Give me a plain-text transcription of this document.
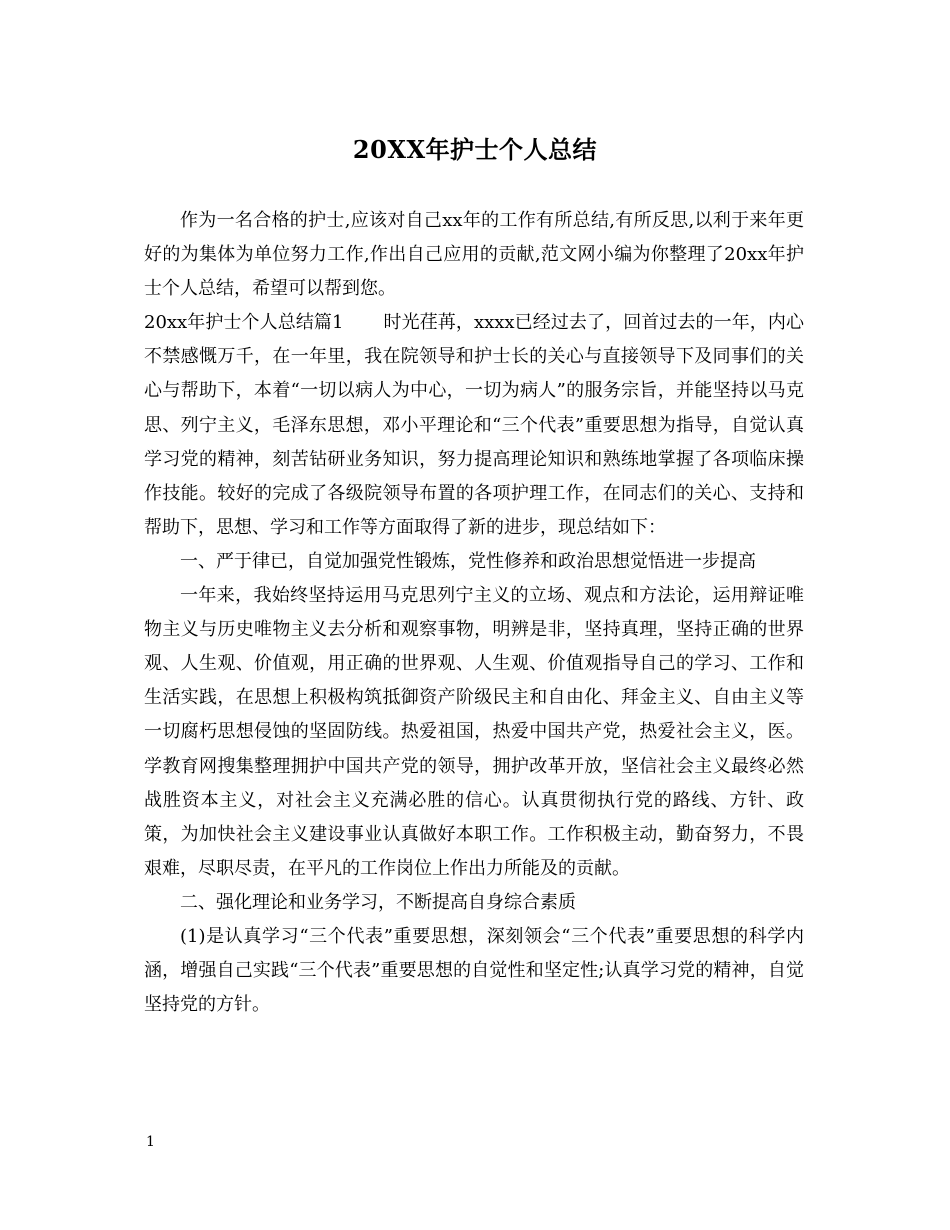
20XX年护士个人总结

作为一名合格的护士,应该对自己xx年的工作有所总结,有所反思,以利于来年更好的为集体为单位努力工作,作出自己应用的贡献,范文网小编为你整理了20xx年护士个人总结，希望可以帮到您。

20xx年护士个人总结篇1 时光荏苒，xxxx已经过去了，回首过去的一年，内心不禁感慨万千，在一年里，我在院领导和护士长的关心与直接领导下及同事们的关心与帮助下，本着“一切以病人为中心，一切为病人”的服务宗旨，并能坚持以马克思、列宁主义，毛泽东思想，邓小平理论和“三个代表”重要思想为指导，自觉认真学习党的精神，刻苦钻研业务知识，努力提高理论知识和熟练地掌握了各项临床操作技能。较好的完成了各级院领导布置的各项护理工作，在同志们的关心、支持和帮助下，思想、学习和工作等方面取得了新的进步，现总结如下：

一、严于律已，自觉加强党性锻炼，党性修养和政治思想觉悟进一步提高

一年来，我始终坚持运用马克思列宁主义的立场、观点和方法论，运用辩证唯物主义与历史唯物主义去分析和观察事物，明辨是非，坚持真理，坚持正确的世界观、人生观、价值观，用正确的世界观、人生观、价值观指导自己的学习、工作和生活实践，在思想上积极构筑抵御资产阶级民主和自由化、拜金主义、自由主义等一切腐朽思想侵蚀的坚固防线。热爱祖国，热爱中国共产党，热爱社会主义，医。学教育网搜集整理拥护中国共产党的领导，拥护改革开放，坚信社会主义最终必然战胜资本主义，对社会主义充满必胜的信心。认真贯彻执行党的路线、方针、政策，为加快社会主义建设事业认真做好本职工作。工作积极主动，勤奋努力，不畏艰难，尽职尽责，在平凡的工作岗位上作出力所能及的贡献。

二、强化理论和业务学习，不断提高自身综合素质

(1)是认真学习“三个代表”重要思想，深刻领会“三个代表”重要思想的科学内涵，增强自己实践“三个代表”重要思想的自觉性和坚定性;认真学习党的精神，自觉坚持党的方针。

1
